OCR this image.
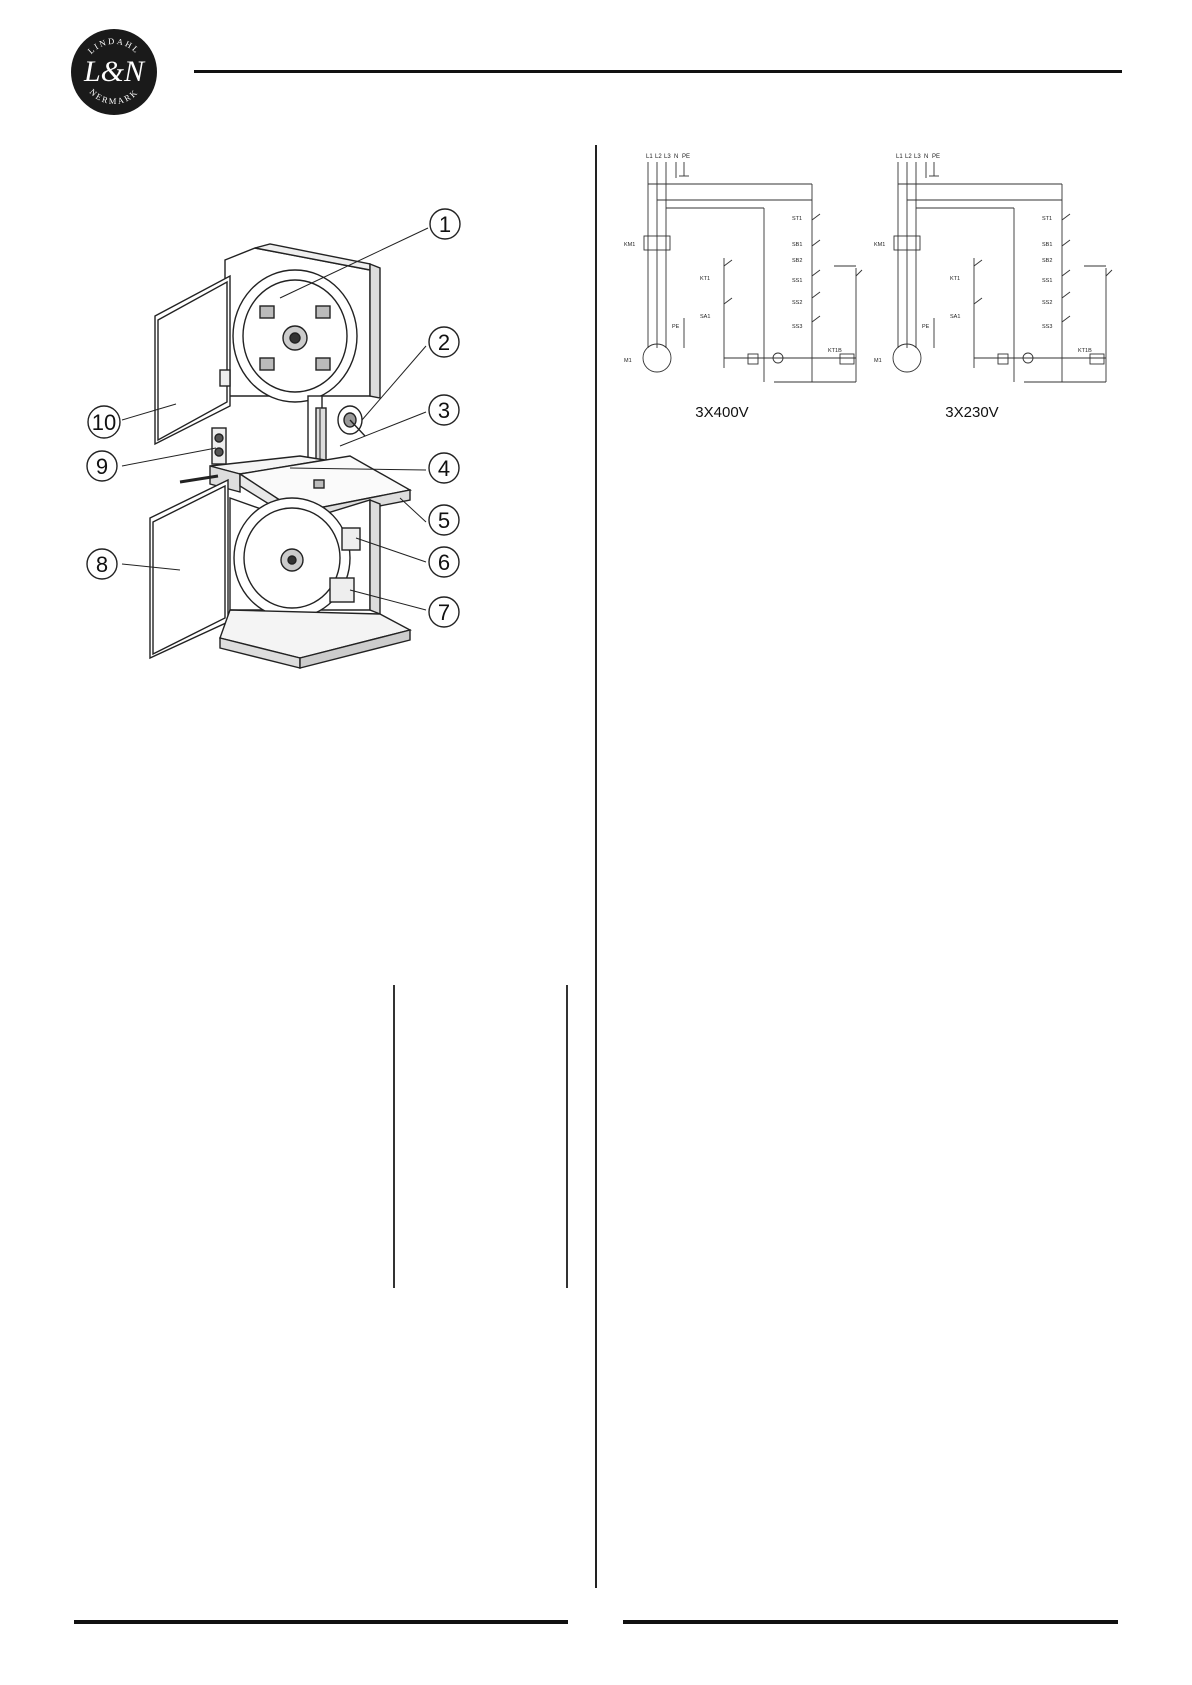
LINDAHL
L&N
NERMARK
1
2
3
4
5
6
7
8
9
10
L1 L2 L3 N PE
KM1
M1
PE
KT1
SA1
ST1
SB1
SB2
SS1
SS2
SS3
KT1B
3X400V
L1 L2 L3 N PE
KM1
M1
PE
KT1
SA1
ST1
SB1
SB2
SS1
SS2
SS3
KT1B
3X230V
